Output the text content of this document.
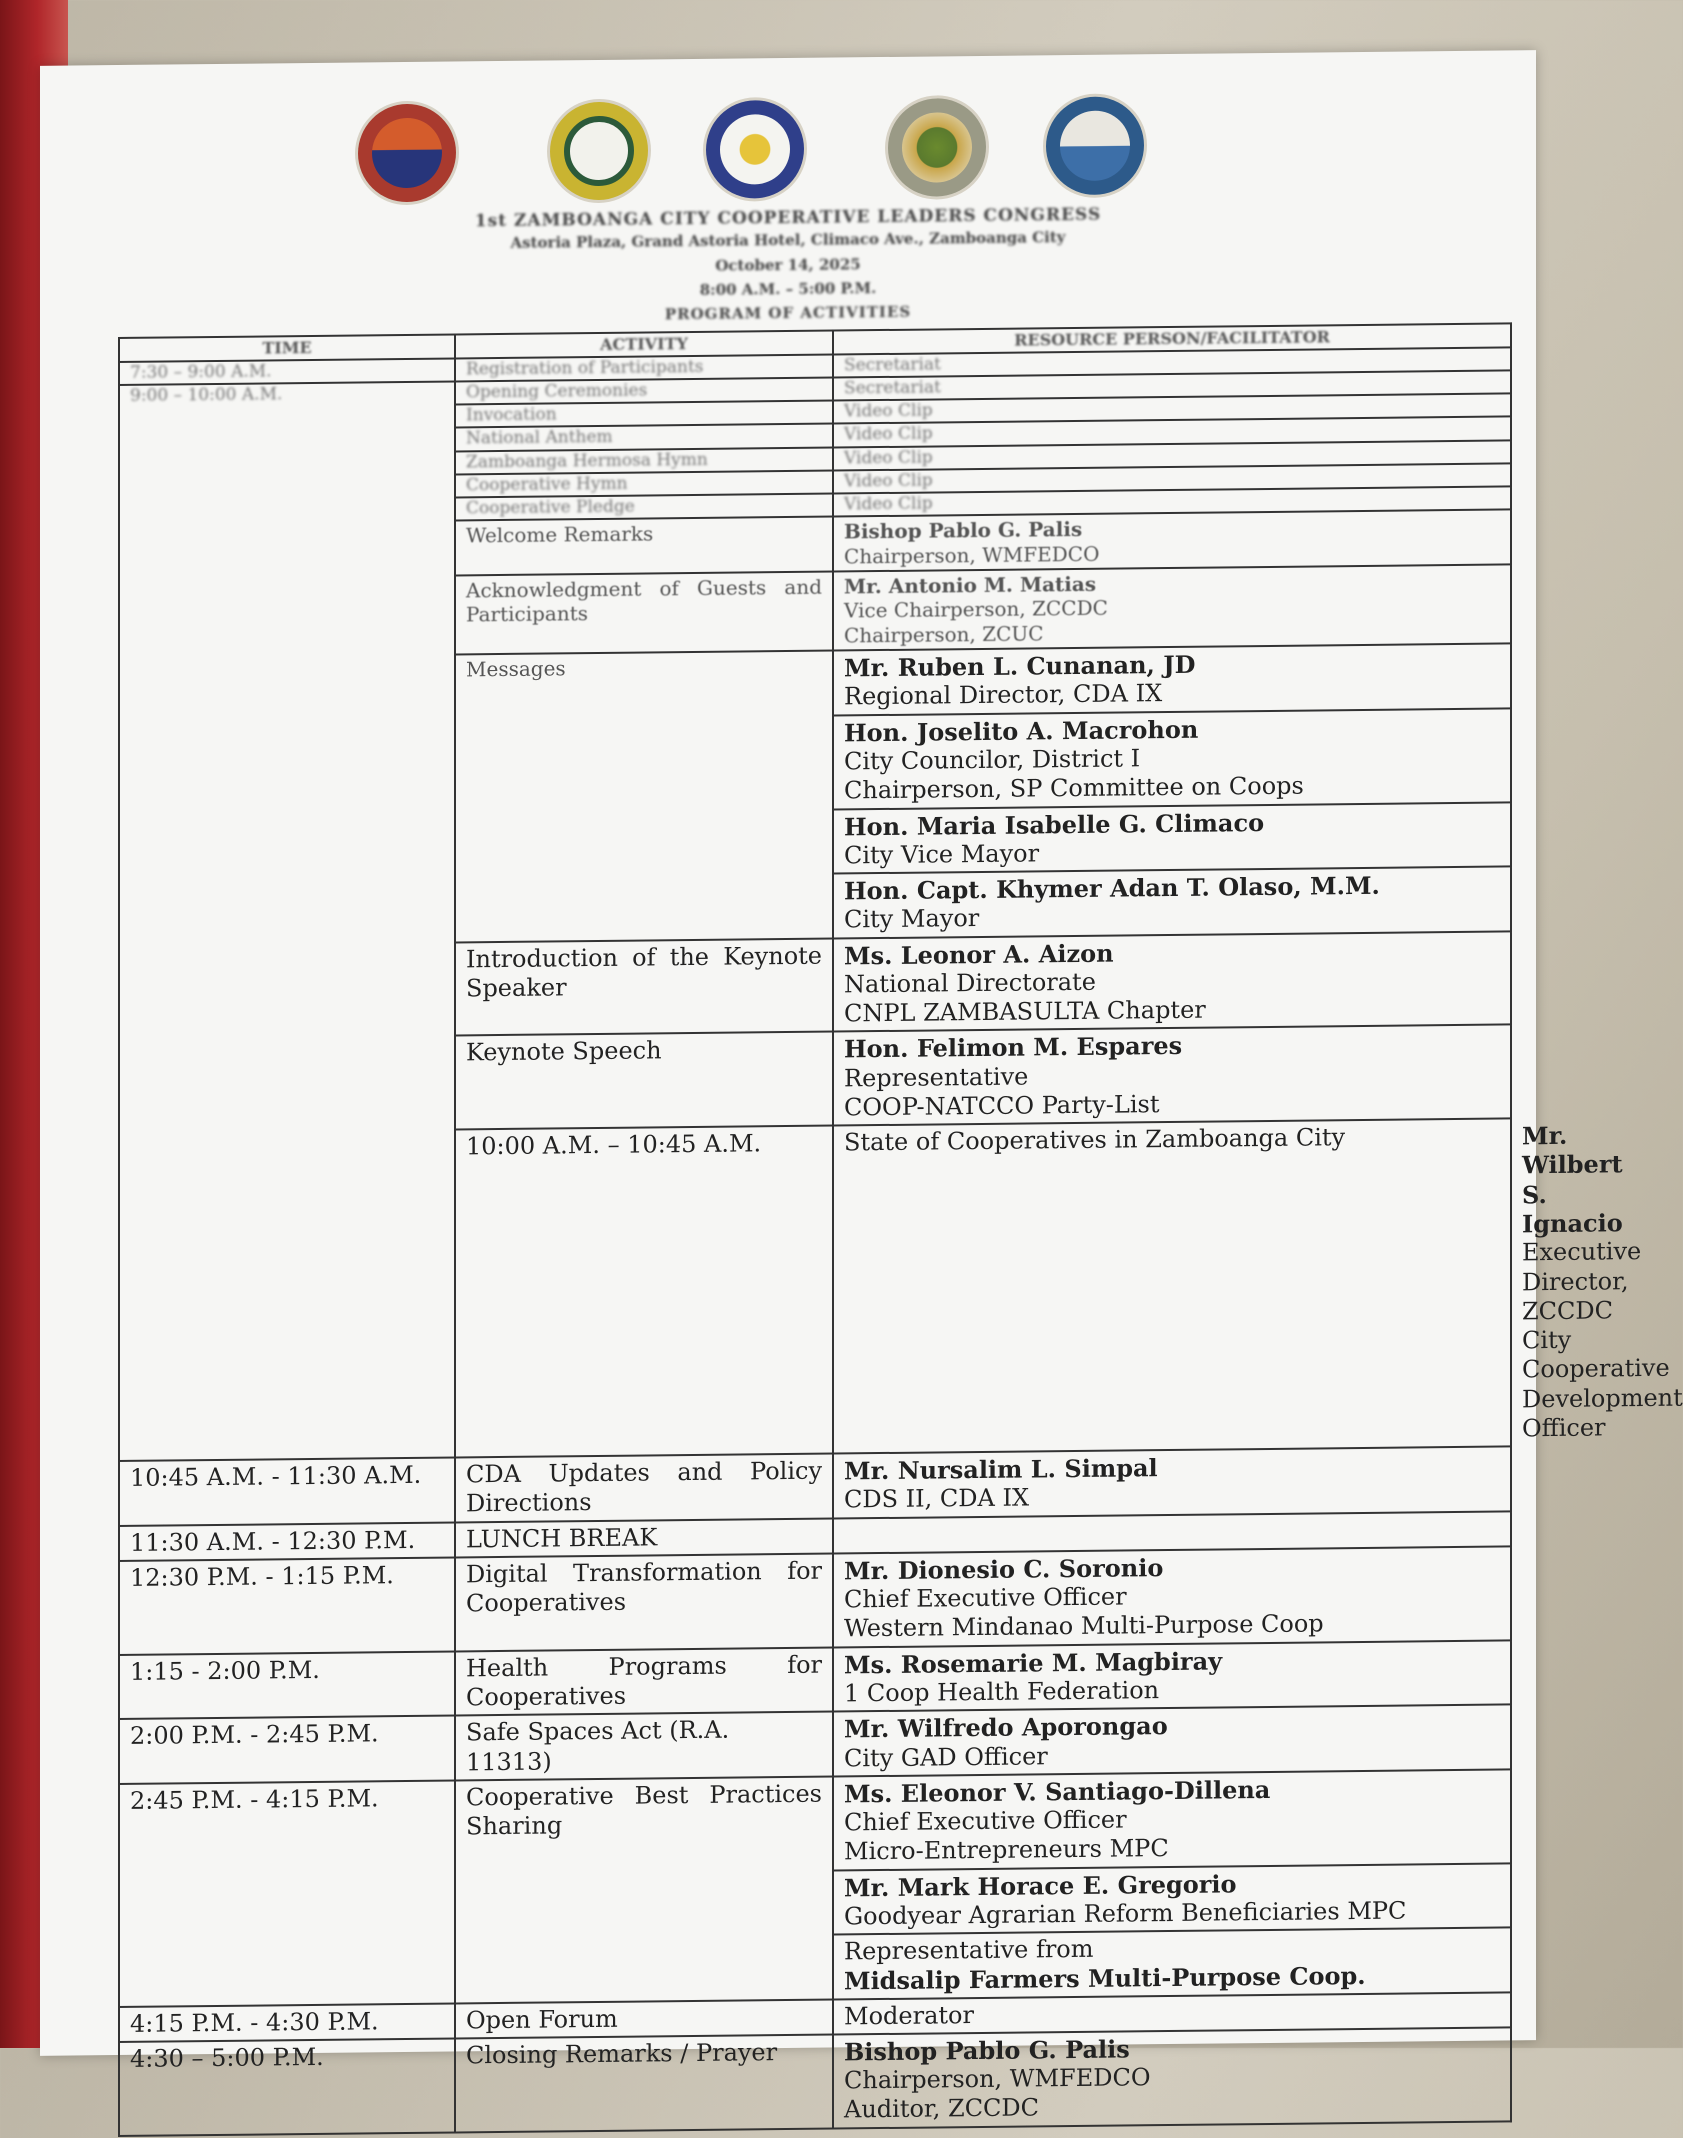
1st ZAMBOANGA CITY COOPERATIVE LEADERS CONGRESS
Astoria Plaza, Grand Astoria Hotel, Climaco Ave., Zamboanga City
October 14, 2025
8:00 A.M. – 5:00 P.M.
PROGRAM OF ACTIVITIES
TIME	ACTIVITY	RESOURCE PERSON/FACILITATOR	
7:30 – 9:00 A.M.	Registration of Participants	Secretariat	
9:00 – 10:00 A.M.	Opening Ceremonies	Secretariat	
	Invocation	Video Clip	
	National Anthem	Video Clip	
	Zamboanga Hermosa Hymn	Video Clip	
	Cooperative Hymn	Video Clip	
	Cooperative Pledge	Video Clip	
	Welcome Remarks	Bishop Pablo G. Palis
Chairperson, WMFEDCO	

	Acknowledgment of Guests and Participants	Mr. Antonio M. Matias
Vice Chairperson, ZCCDC
Chairperson, ZCUC	

	Messages	Mr. Ruben L. Cunanan, JD
Regional Director, CDA IX	

		Hon. Joselito A. Macrohon
City Councilor, District I
Chairperson, SP Committee on Coops	

		Hon. Maria Isabelle G. Climaco
City Vice Mayor	

		Hon. Capt. Khymer Adan T. Olaso, M.M.
City Mayor	

	Introduction of the Keynote Speaker	Ms. Leonor A. Aizon
National Directorate
CNPL ZAMBASULTA Chapter	

	Keynote Speech	Hon. Felimon M. Espares
Representative
COOP-NATCCO Party-List	

	10:00 A.M. – 10:45 A.M.	State of Cooperatives in Zamboanga City	Mr. Wilbert S. Ignacio
Executive Director, ZCCDC
City Cooperative Development Officer

10:45 A.M. - 11:30 A.M.	CDA Updates and Policy Directions	Mr. Nursalim L. Simpal
CDS II, CDA IX	

11:30 A.M. - 12:30 P.M.	LUNCH BREAK		
12:30 P.M. - 1:15 P.M.	Digital Transformation for Cooperatives	Mr. Dionesio C. Soronio
Chief Executive Officer
Western Mindanao Multi-Purpose Coop	

1:15 - 2:00 P.M.	Health Programs for Cooperatives	Ms. Rosemarie M. Magbiray
1 Coop Health Federation	

2:00 P.M. - 2:45 P.M.	Safe Spaces Act (R.A. 11313)	Mr. Wilfredo Aporongao
City GAD Officer	

2:45 P.M. - 4:15 P.M.	Cooperative Best Practices Sharing	Ms. Eleonor V. Santiago-Dillena
Chief Executive Officer
Micro-Entrepreneurs MPC	

		Mr. Mark Horace E. Gregorio
Goodyear Agrarian Reform Beneficiaries MPC	

		Representative from
Midsalip Farmers Multi-Purpose Coop.	

4:15 P.M. - 4:30 P.M.	Open Forum	Moderator	
4:30 – 5:00 P.M.	Closing Remarks / Prayer	Bishop Pablo G. Palis
Chairperson, WMFEDCO
Auditor, ZCCDC	
